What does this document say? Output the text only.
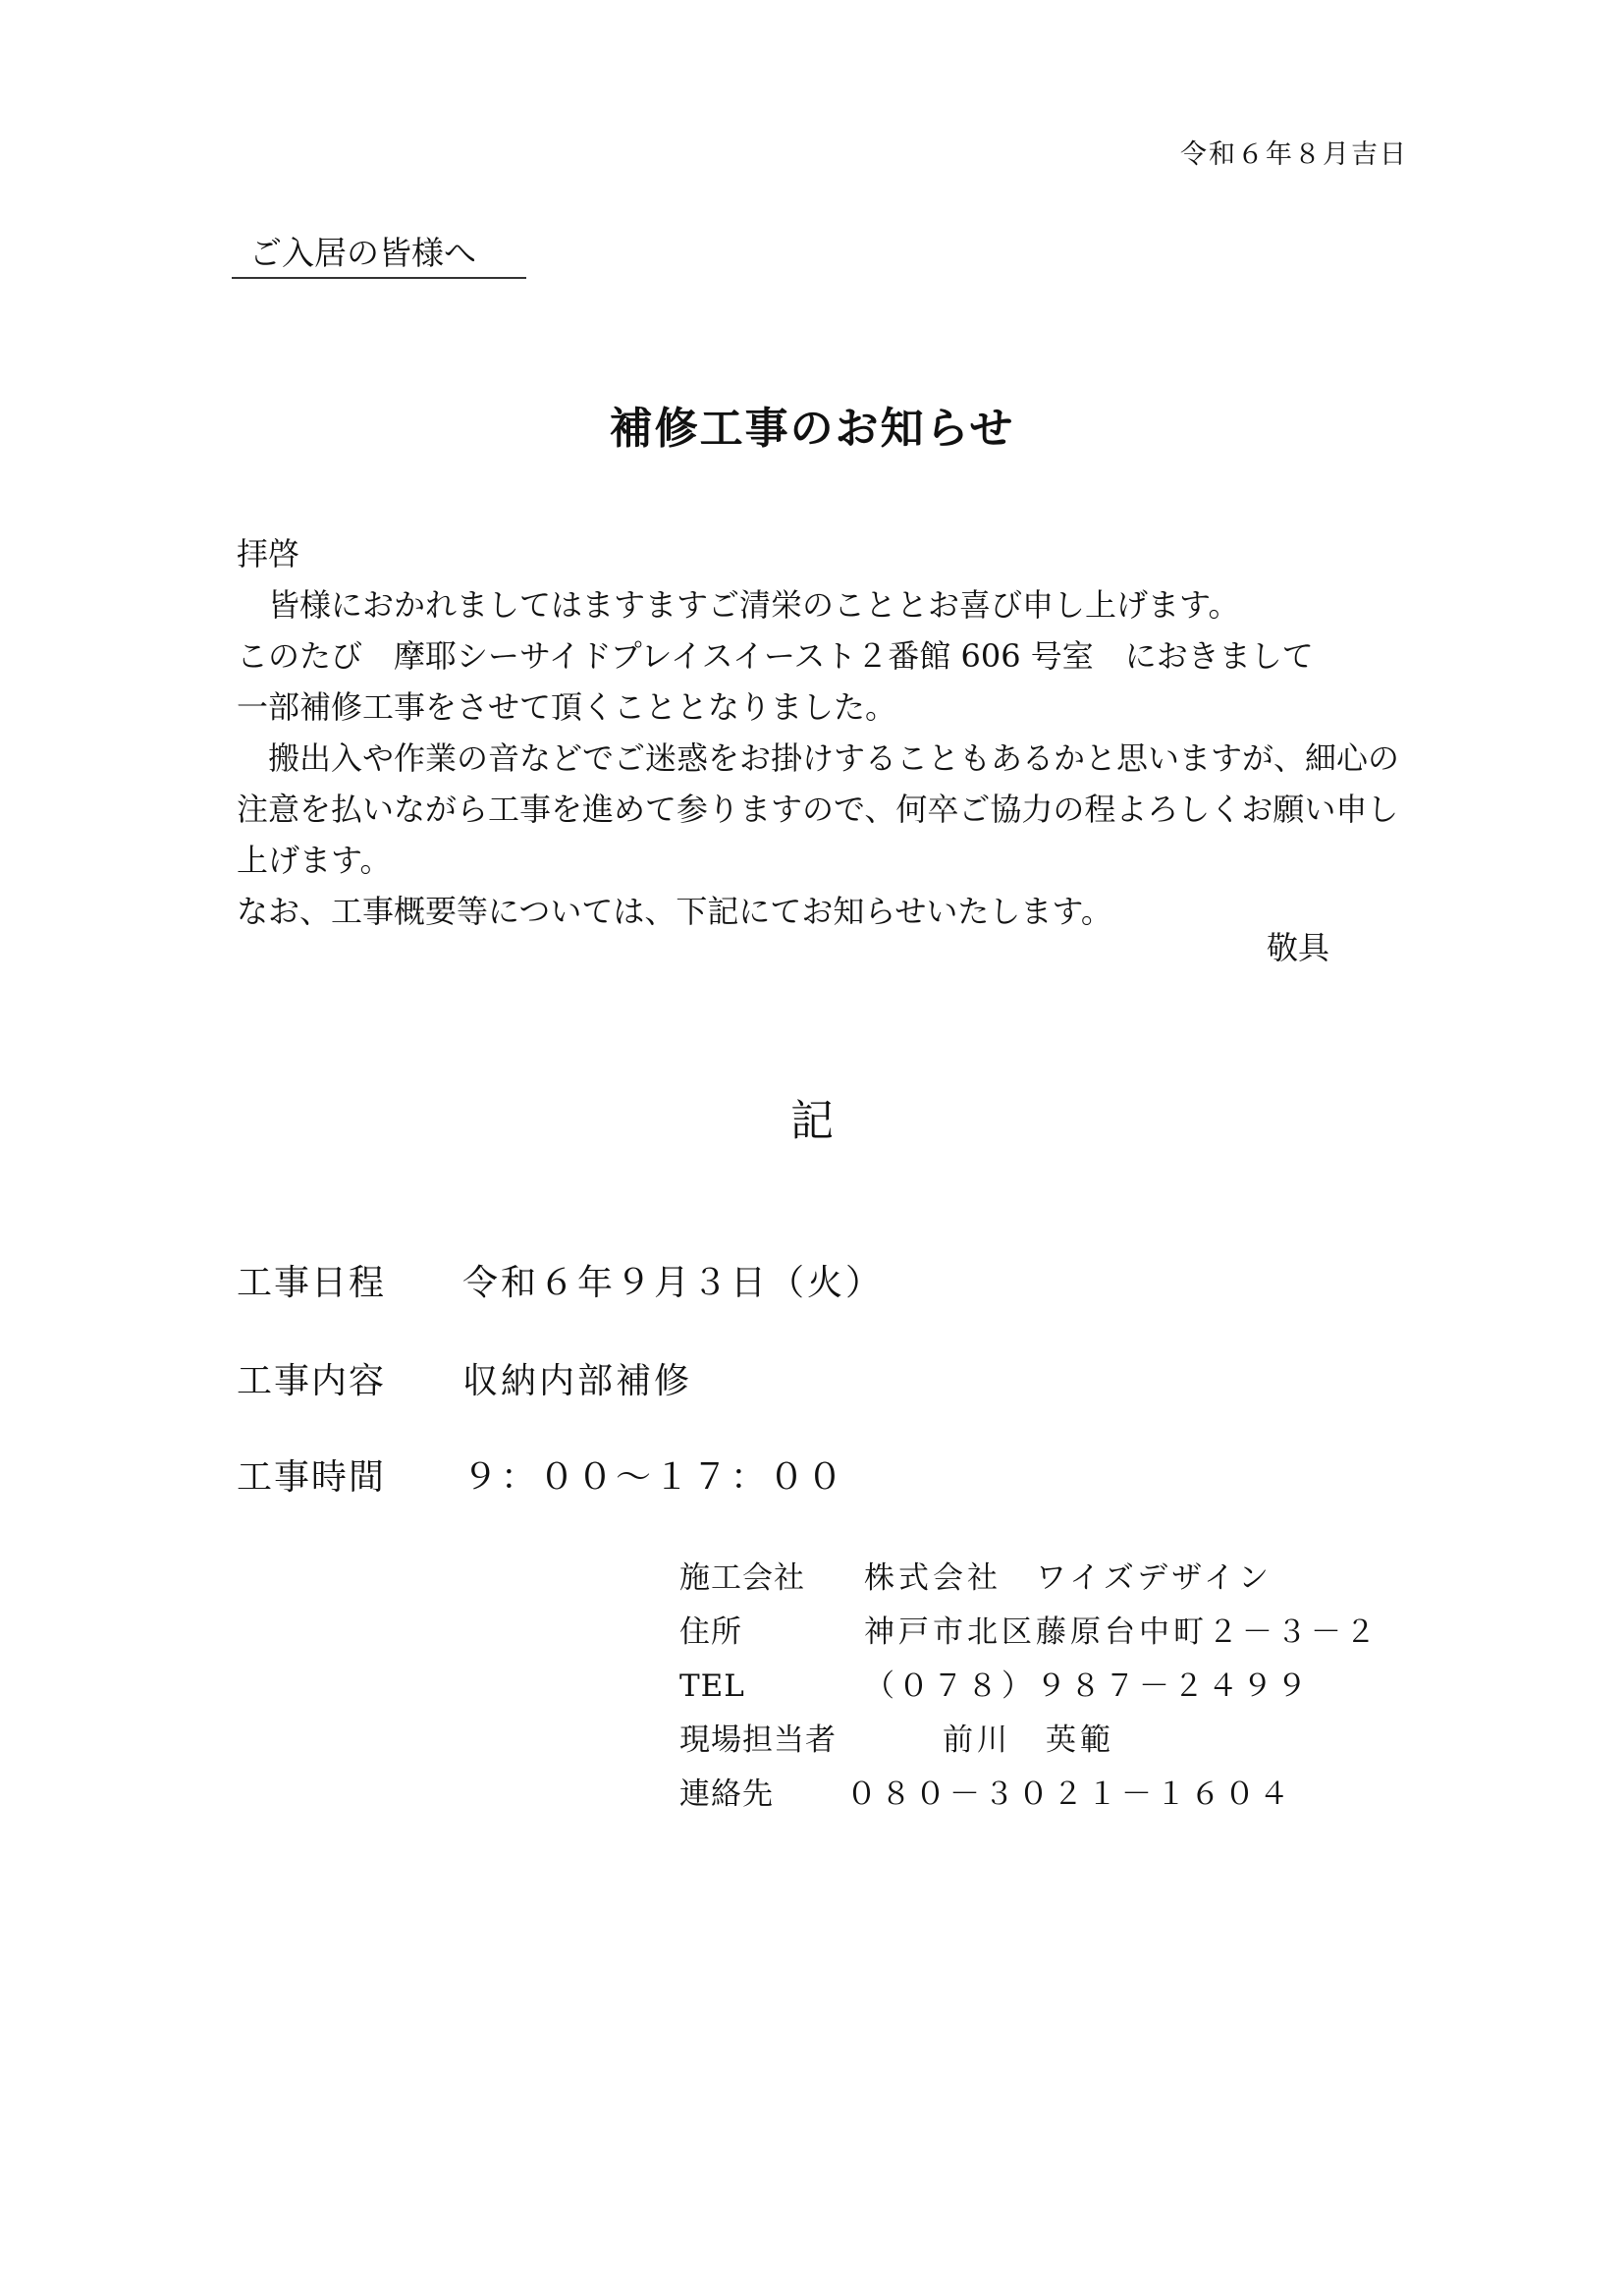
令和６年８月吉日
ご入居の皆様へ
補修工事のお知らせ
拝啓
　皆様におかれましてはますますご清栄のこととお喜び申し上げます。
このたび　摩耶シーサイドプレイスイースト２番館 606 号室　におきまして
一部補修工事をさせて頂くこととなりました。
　搬出入や作業の音などでご迷惑をお掛けすることもあるかと思いますが、細心の
注意を払いながら工事を進めて参りますので、何卒ご協力の程よろしくお願い申し
上げます。
なお、工事概要等については、下記にてお知らせいたします。
敬具
記
工事日程 令和６年９月３日（火）
工事内容 収納内部補修
工事時間 ９：００～１７：００
施工会社 株式会社　ワイズデザイン
住所	神戸市北区藤原台中町２－３－２
TEL	（０７８）９８７－２４９９
現場担当者	前川　英範
連絡先 ０８０－３０２１－１６０４
